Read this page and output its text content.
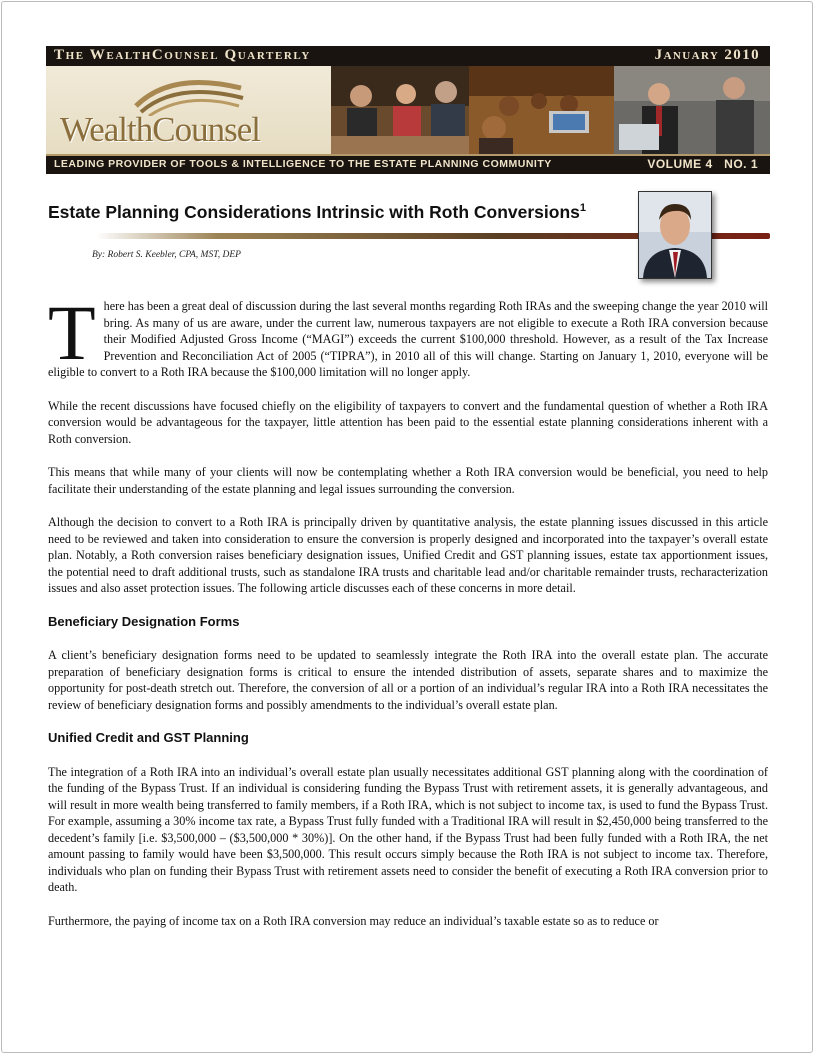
The WealthCounsel Quarterly	January 2010
WealthCounsel
LEADING PROVIDER OF TOOLS & INTELLIGENCE TO THE ESTATE PLANNING COMMUNITY	VOLUME 4   NO. 1
Estate Planning Considerations Intrinsic with Roth Conversions$^1$
By: Robert S. Keebler, CPA, MST, DEP

There has been a great deal of discussion during the last several months regarding Roth IRAs and the sweeping change the year 2010 will bring. As many of us are aware, under the current law, numerous taxpayers are not eligible to execute a Roth IRA conversion because their Modified Adjusted Gross Income (“MAGI”) exceeds the current $100,000 threshold. However, as a result of the Tax Increase Prevention and Reconciliation Act of 2005 (“TIPRA”), in 2010 all of this will change. Starting on January 1, 2010, everyone will be eligible to convert to a Roth IRA because the $100,000 limitation will no longer apply.

While the recent discussions have focused chiefly on the eligibility of taxpayers to convert and the fundamental question of whether a Roth IRA conversion would be advantageous for the taxpayer, little attention has been paid to the essential estate planning considerations inherent with a Roth conversion.

This means that while many of your clients will now be contemplating whether a Roth IRA conversion would be beneficial, you need to help facilitate their understanding of the estate planning and legal issues surrounding the conversion.

Although the decision to convert to a Roth IRA is principally driven by quantitative analysis, the estate planning issues discussed in this article need to be reviewed and taken into consideration to ensure the conversion is properly designed and incorporated into the taxpayer’s overall estate plan. Notably, a Roth conversion raises beneficiary designation issues, Unified Credit and GST planning issues, estate tax apportionment issues, the potential need to draft additional trusts, such as standalone IRA trusts and charitable lead and/or charitable remainder trusts, recharacterization issues and also asset protection issues. The following article discusses each of these concerns in more detail.

Beneficiary Designation Forms

A client’s beneficiary designation forms need to be updated to seamlessly integrate the Roth IRA into the overall estate plan. The accurate preparation of beneficiary designation forms is critical to ensure the intended distribution of assets, separate shares and to maximize the opportunity for post-death stretch out. Therefore, the conversion of all or a portion of an individual’s regular IRA into a Roth IRA necessitates the review of beneficiary designation forms and possibly amendments to the individual’s overall estate plan.

Unified Credit and GST Planning

The integration of a Roth IRA into an individual’s overall estate plan usually necessitates additional GST planning along with the coordination of the funding of the Bypass Trust. If an individual is considering funding the Bypass Trust with retirement assets, it is generally advantageous, and will result in more wealth being transferred to family members, if a Roth IRA, which is not subject to income tax, is used to fund the Bypass Trust. For example, assuming a 30% income tax rate, a Bypass Trust fully funded with a Traditional IRA will result in $2,450,000 being transferred to the decedent’s family [i.e. $3,500,000 – ($3,500,000 * 30%)]. On the other hand, if the Bypass Trust had been fully funded with a Roth IRA, the net amount passing to family would have been $3,500,000. This result occurs simply because the Roth IRA is not subject to income tax. Therefore, individuals who plan on funding their Bypass Trust with retirement assets need to consider the benefit of executing a Roth IRA conversion prior to death.

Furthermore, the paying of income tax on a Roth IRA conversion may reduce an individual’s taxable estate so as to reduce or
